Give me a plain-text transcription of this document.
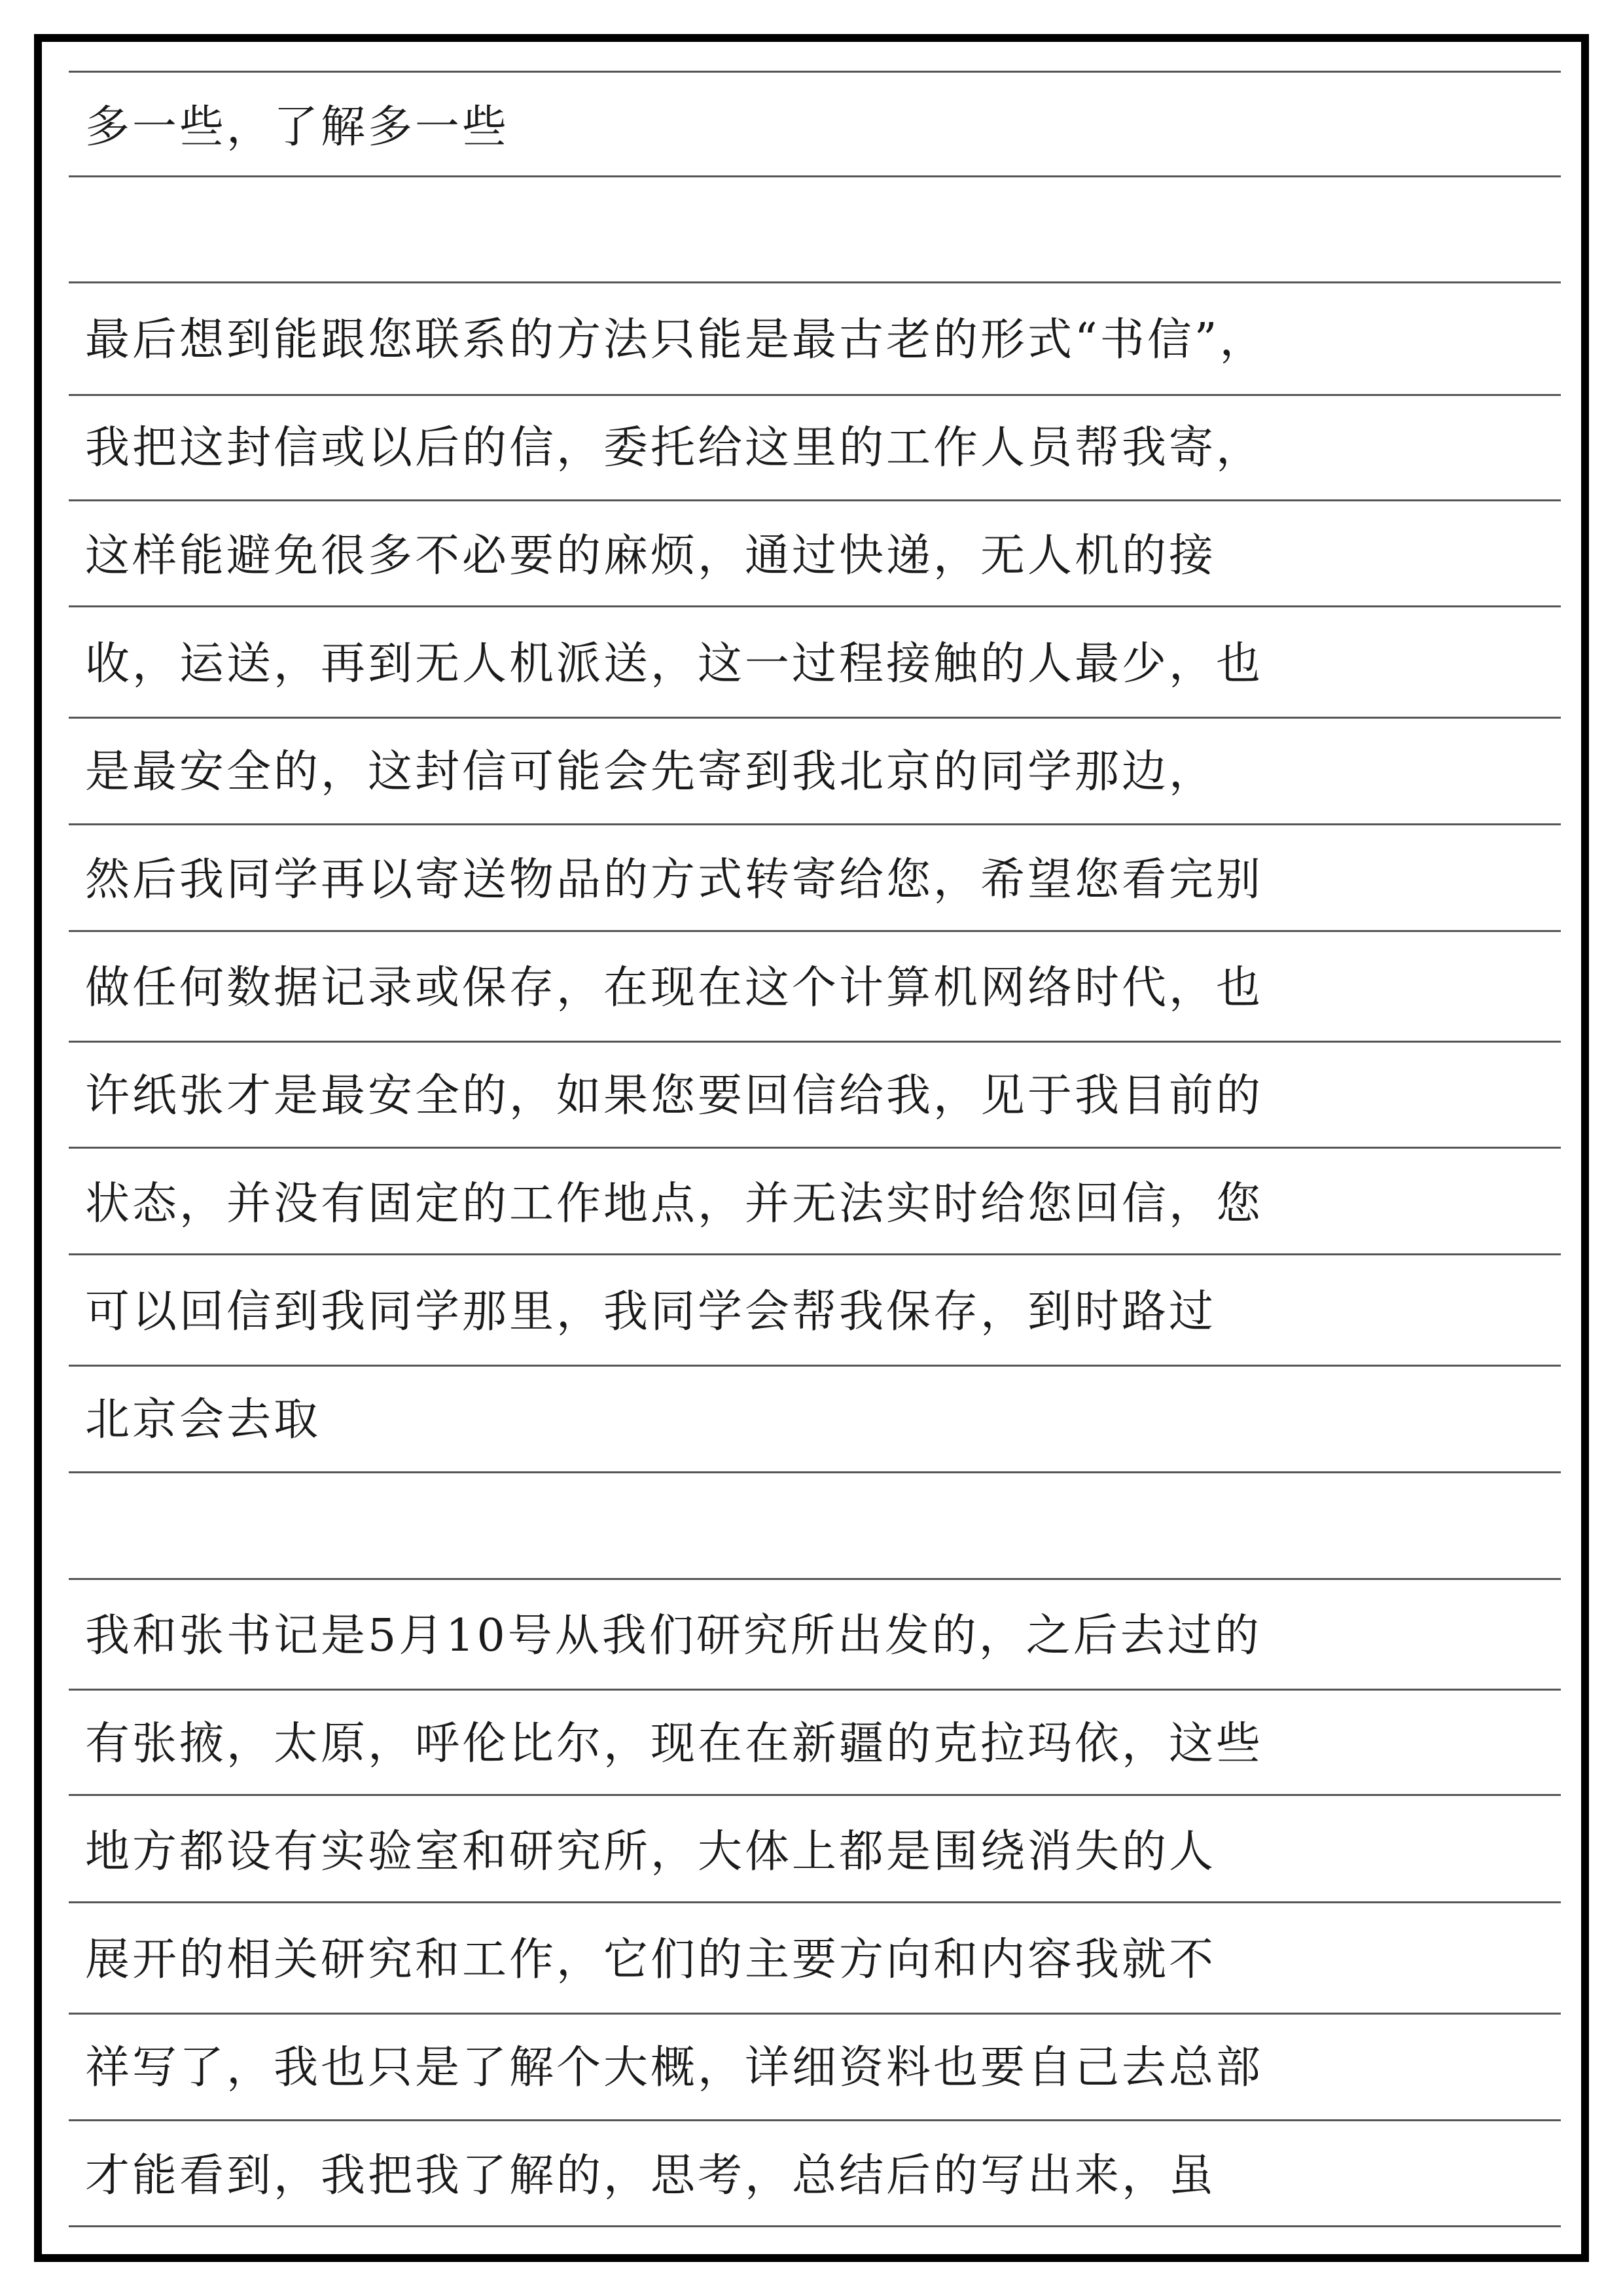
多一些，了解多一些
最后想到能跟您联系的方法只能是最古老的形式“书信”，
我把这封信或以后的信，委托给这里的工作人员帮我寄，
这样能避免很多不必要的麻烦，通过快递，无人机的接
收，运送，再到无人机派送，这一过程接触的人最少，也
是最安全的，这封信可能会先寄到我北京的同学那边，
然后我同学再以寄送物品的方式转寄给您，希望您看完别
做任何数据记录或保存，在现在这个计算机网络时代，也
许纸张才是最安全的，如果您要回信给我，见于我目前的
状态，并没有固定的工作地点，并无法实时给您回信，您
可以回信到我同学那里，我同学会帮我保存，到时路过
北京会去取
我和张书记是5月10号从我们研究所出发的，之后去过的
有张掖，太原，呼伦比尔，现在在新疆的克拉玛依，这些
地方都设有实验室和研究所，大体上都是围绕消失的人
展开的相关研究和工作，它们的主要方向和内容我就不
祥写了，我也只是了解个大概，详细资料也要自己去总部
才能看到，我把我了解的，思考，总结后的写出来，虽
